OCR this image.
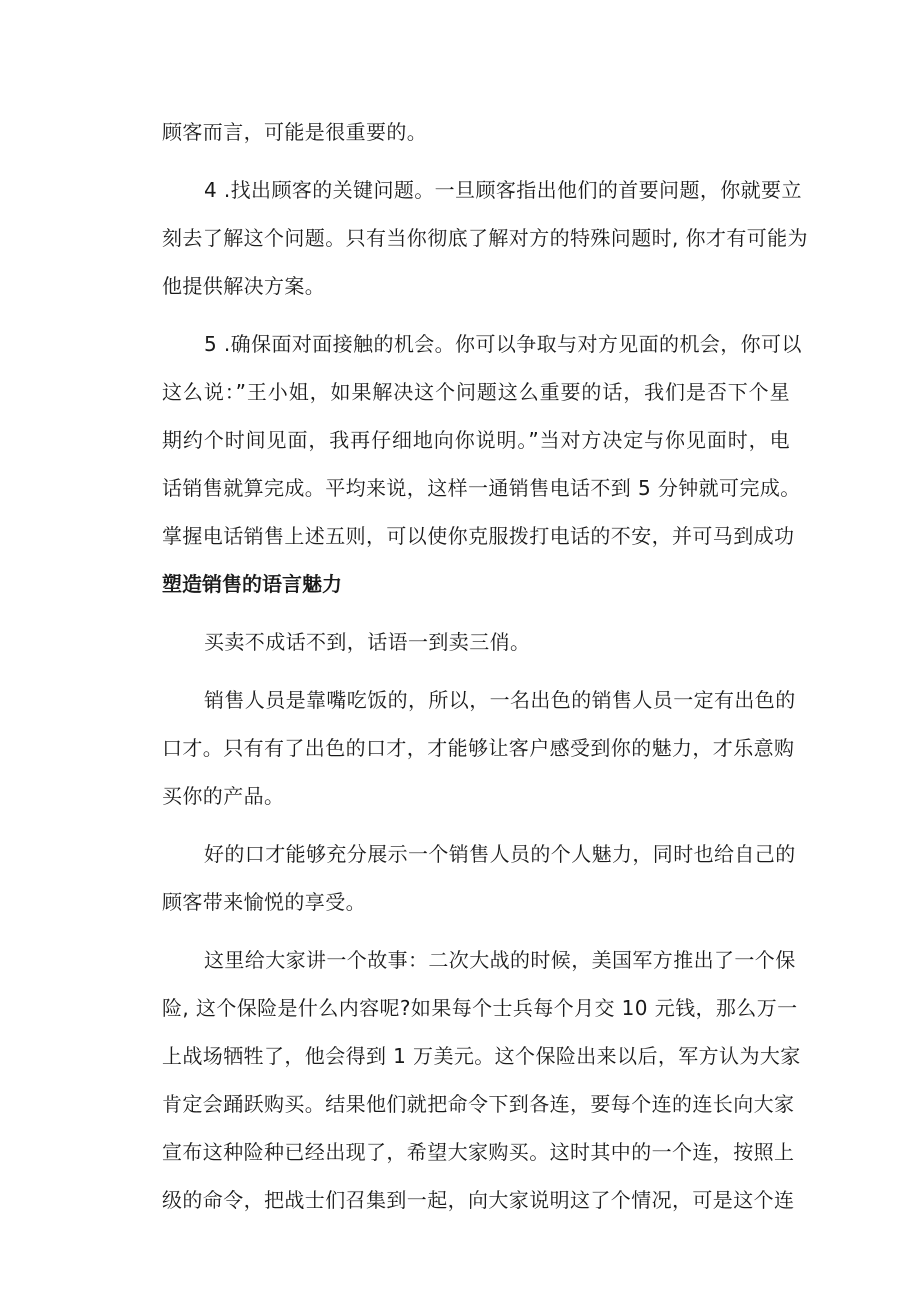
顾客而言，可能是很重要的。
4 .找出顾客的关键问题。一旦顾客指出他们的首要问题，你就要立
刻去了解这个问题。只有当你彻底了解对方的特殊问题时, 你才有可能为
他提供解决方案。
5 .确保面对面接触的机会。你可以争取与对方见面的机会，你可以
这么说：”王小姐，如果解决这个问题这么重要的话，我们是否下个星
期约个时间见面，我再仔细地向你说明。”当对方决定与你见面时，电
话销售就算完成。平均来说，这样一通销售电话不到 5 分钟就可完成。
掌握电话销售上述五则，可以使你克服拨打电话的不安，并可马到成功
塑造销售的语言魅力
买卖不成话不到，话语一到卖三俏。
销售人员是靠嘴吃饭的，所以，一名出色的销售人员一定有出色的
口才。只有有了出色的口才，才能够让客户感受到你的魅力，才乐意购
买你的产品。
好的口才能够充分展示一个销售人员的个人魅力，同时也给自己的
顾客带来愉悦的享受。
这里给大家讲一个故事：二次大战的时候，美国军方推出了一个保
险, 这个保险是什么内容呢?如果每个士兵每个月交 10 元钱，那么万一
上战场牺牲了，他会得到 1 万美元。这个保险出来以后，军方认为大家
肯定会踊跃购买。结果他们就把命令下到各连，要每个连的连长向大家
宣布这种险种已经出现了，希望大家购买。这时其中的一个连，按照上
级的命令，把战士们召集到一起，向大家说明这了个情况，可是这个连
